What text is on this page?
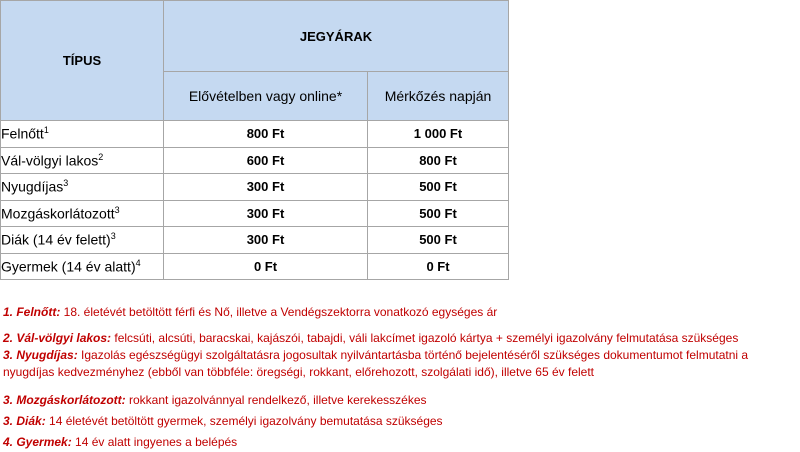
TÍPUS	JEGYÁRAK	
	Elővételben vagy online*	Mérkőzés napján
Felnőtt$^1$	800 Ft	1 000 Ft
Vál-völgyi lakos$^2$	600 Ft	800 Ft
Nyugdíjas$^3$	300 Ft	500 Ft
Mozgáskorlátozott$^3$	300 Ft	500 Ft
Diák (14 év felett)$^3$	300 Ft	500 Ft
Gyermek (14 év alatt)$^4$	0 Ft	0 Ft

1. Felnőtt: 18. életévét betöltött férfi és Nő, illetve a Vendégszektorra vonatkozó egységes ár

2. Vál-völgyi lakos: felcsúti, alcsúti, baracskai, kajászói, tabajdi, váli lakcímet igazoló kártya + személyi igazolvány felmutatása szükséges

3. Nyugdíjas: Igazolás egészségügyi szolgáltatásra jogosultak nyilvántartásba történő bejelentéséről szükséges dokumentumot felmutatni a nyugdíjas kedvezményhez (ebből van többféle: öregségi, rokkant, előrehozott, szolgálati idő), illetve 65 év felett

3. Mozgáskorlátozott: rokkant igazolvánnyal rendelkező, illetve kerekesszékes

3. Diák: 14 életévét betöltött gyermek, személyi igazolvány bemutatása szükséges

4. Gyermek: 14 év alatt ingyenes a belépés
